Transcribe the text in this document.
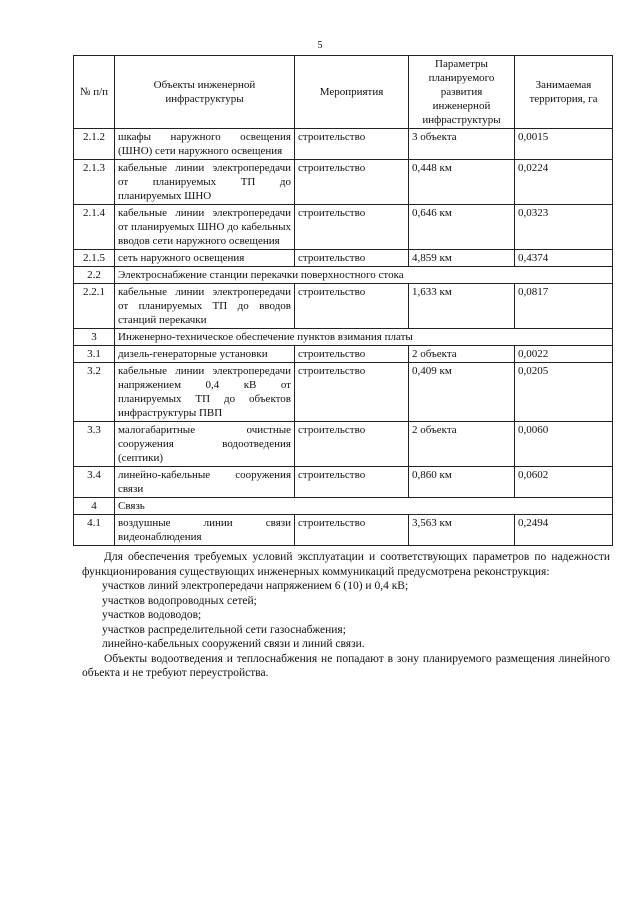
5
№ п/п	Объекты инженерной инфраструктуры	Мероприятия	Параметры планируемого развития инженерной инфраструктуры	Занимаемая территория, га
2.1.2	шкафы наружного освещения (ШНО) сети наружного освещения	строительство	3 объекта	0,0015
2.1.3	кабельные линии электропередачи от планируемых ТП до планируемых ШНО	строительство	0,448 км	0,0224
2.1.4	кабельные линии электропередачи от планируемых ШНО до кабельных вводов сети наружного освещения	строительство	0,646 км	0,0323
2.1.5	сеть наружного освещения	строительство	4,859 км	0,4374
2.2	Электроснабжение станции перекачки поверхностного стока			
2.2.1	кабельные линии электропередачи от планируемых ТП до вводов станций перекачки	строительство	1,633 км	0,0817
3	Инженерно-техническое обеспечение пунктов взимания платы			
3.1	дизель-генераторные установки	строительство	2 объекта	0,0022
3.2	кабельные линии электропередачи напряжением 0,4 кВ от планируемых ТП до объектов инфраструктуры ПВП	строительство	0,409 км	0,0205
3.3	малогабаритные очистные сооружения водоотведения (септики)	строительство	2 объекта	0,0060
3.4	линейно-кабельные сооружения связи	строительство	0,860 км	0,0602
4	Связь			
4.1	воздушные линии связи видеонаблюдения	строительство	3,563 км	0,2494

Для обеспечения требуемых условий эксплуатации и соответствующих параметров по надежности функционирования существующих инженерных коммуникаций предусмотрена реконструкция:

участков линий электропередачи напряжением 6 (10) и 0,4 кВ;
участков водопроводных сетей;
участков водоводов;
участков распределительной сети газоснабжения;
линейно-кабельных сооружений связи и линий связи.

Объекты водоотведения и теплоснабжения не попадают в зону планируемого размещения линейного объекта и не требуют переустройства.
